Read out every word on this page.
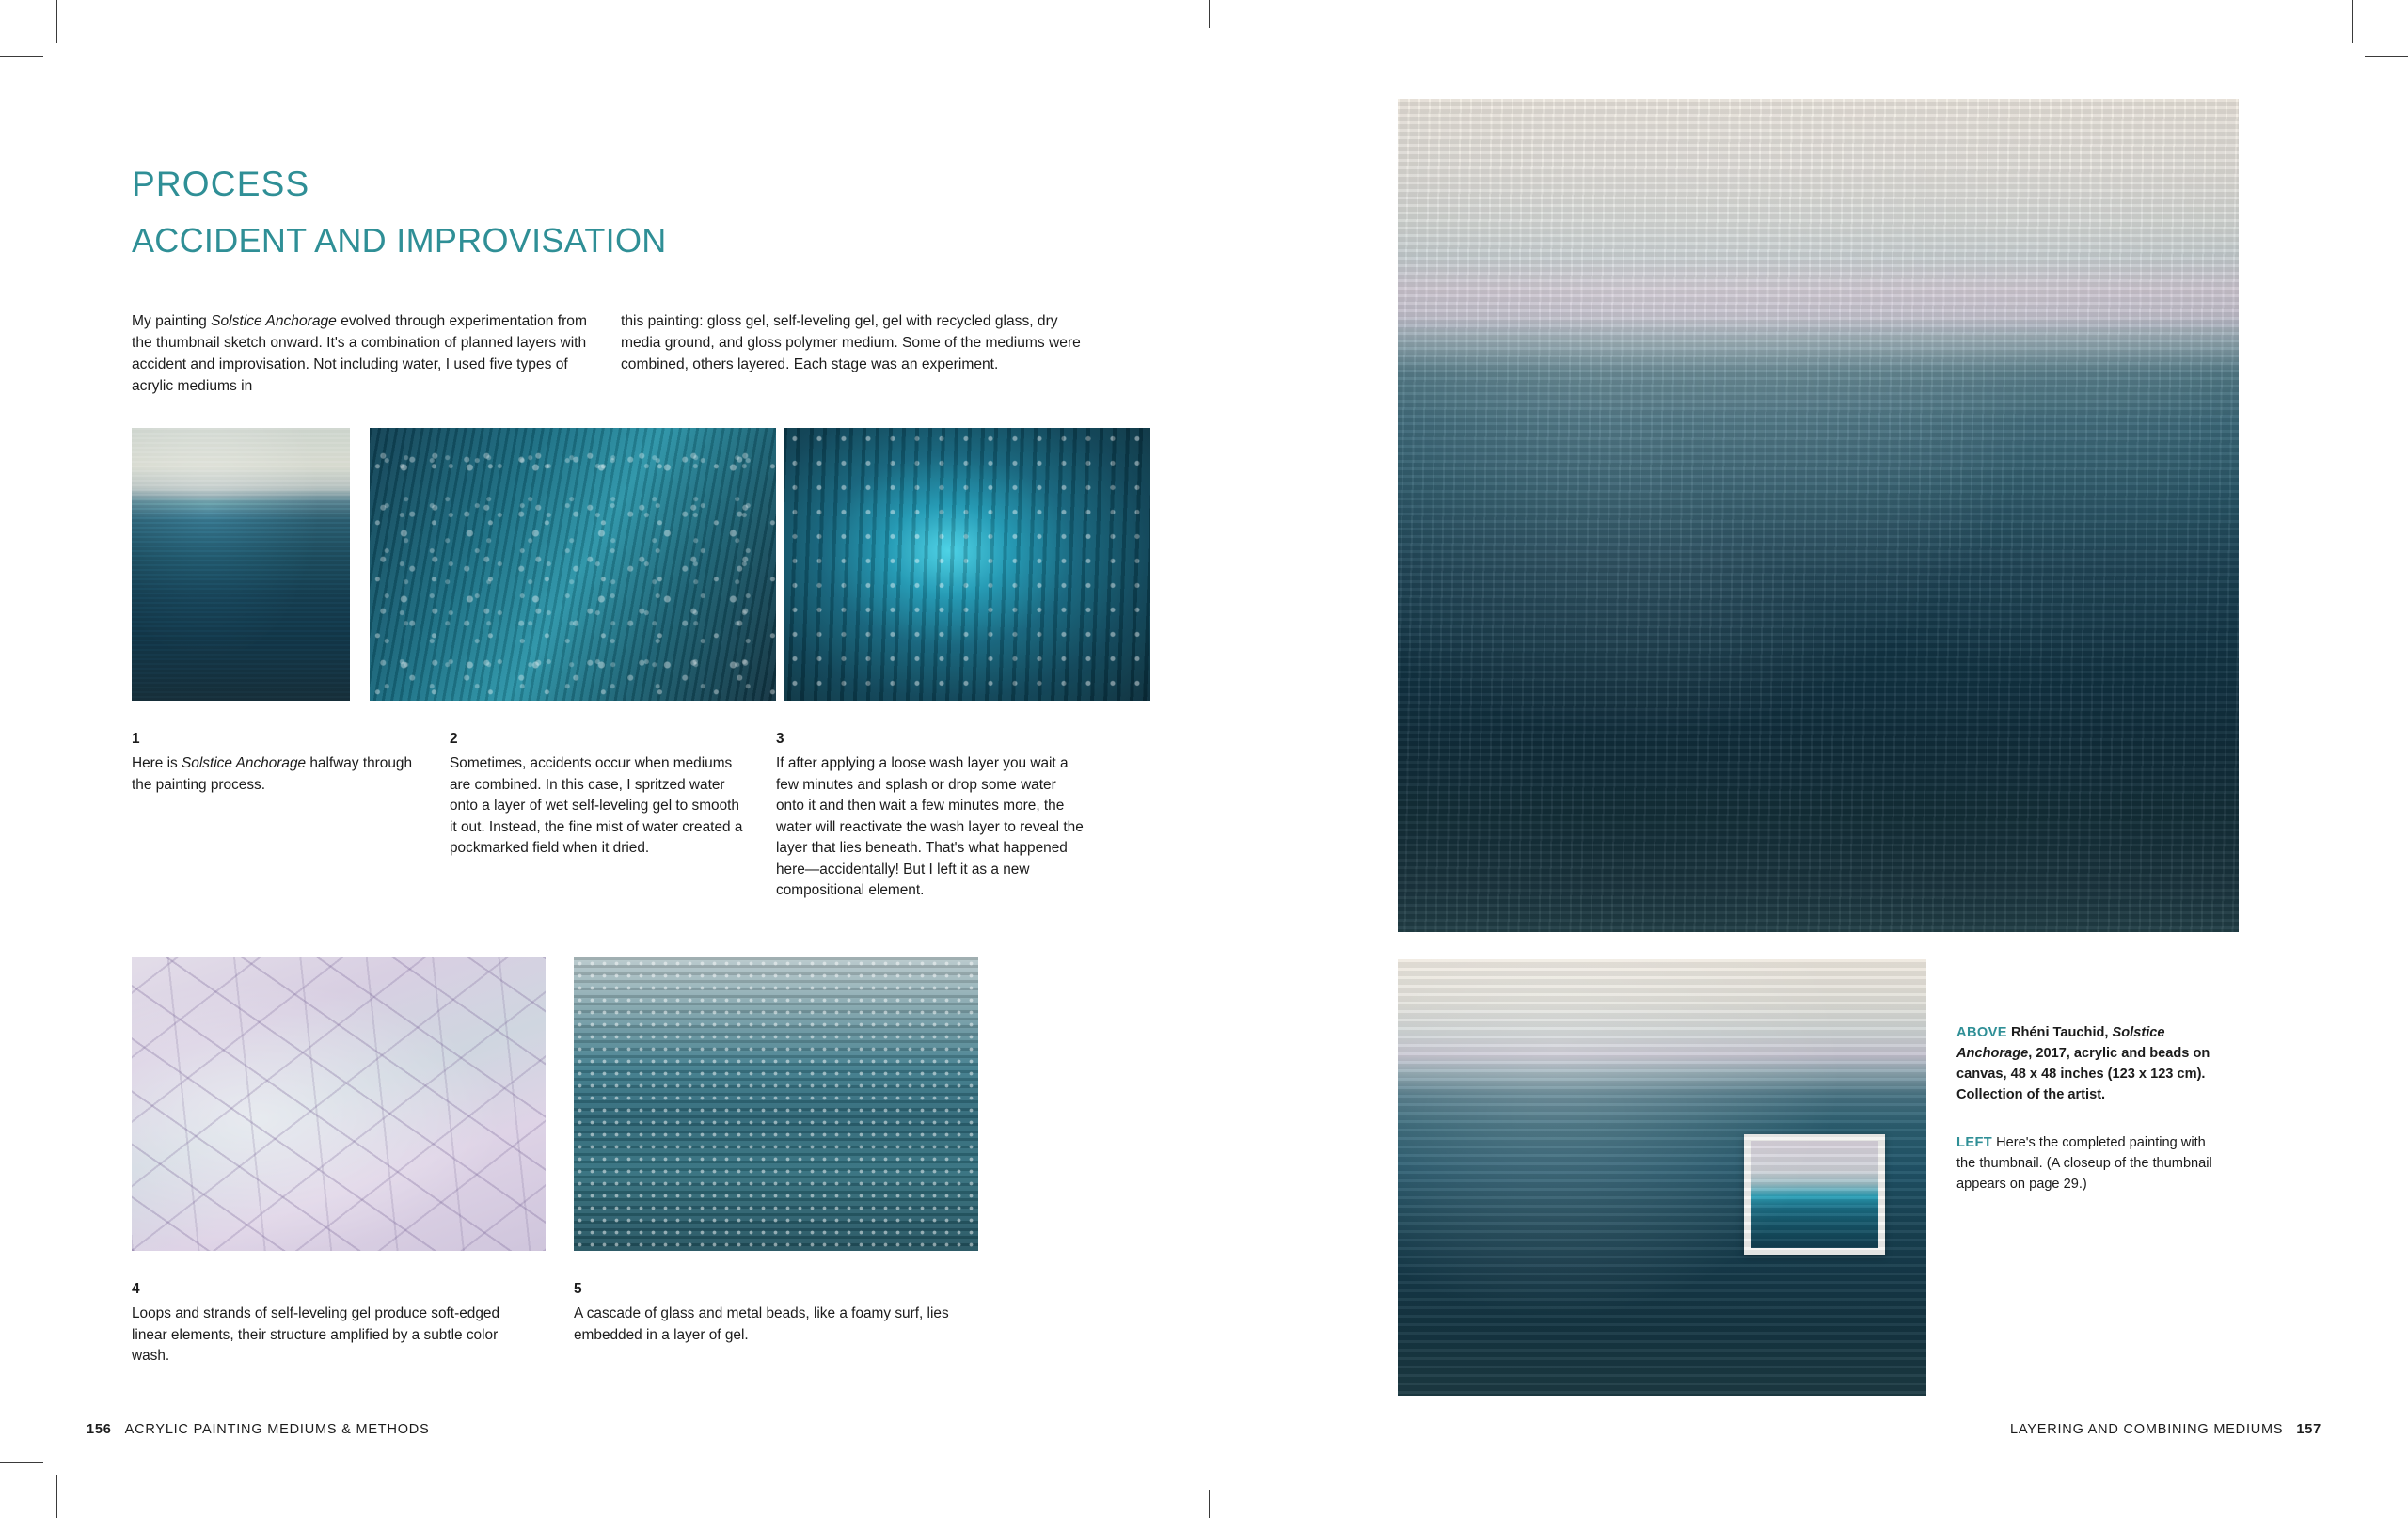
PROCESS
ACCIDENT AND IMPROVISATION

My painting Solstice Anchorage evolved through experimentation from the thumbnail sketch onward. It's a combination of planned layers with accident and improvisation. Not including water, I used five types of acrylic mediums in

this painting: gloss gel, self-leveling gel, gel with recycled glass, dry media ground, and gloss polymer medium. Some of the mediums were combined, others layered. Each stage was an experiment.

1
Here is Solstice Anchorage halfway through the painting process.
2
Sometimes, accidents occur when mediums are combined. In this case, I spritzed water onto a layer of wet self-leveling gel to smooth it out. Instead, the fine mist of water created a pockmarked field when it dried.
3
If after applying a loose wash layer you wait a few minutes and splash or drop some water onto it and then wait a few minutes more, the water will reactivate the wash layer to reveal the layer that lies beneath. That's what happened here—accidentally! But I left it as a new compositional element.
4
Loops and strands of self-leveling gel produce soft-edged linear elements, their structure amplified by a subtle color wash.
5
A cascade of glass and metal beads, like a foamy surf, lies embedded in a layer of gel.
156 ACRYLIC PAINTING MEDIUMS & METHODS
ABOVE Rhéni Tauchid, Solstice Anchorage, 2017, acrylic and beads on canvas, 48 x 48 inches (123 x 123 cm). Collection of the artist.
LEFT Here's the completed painting with the thumbnail. (A closeup of the thumbnail appears on page 29.)
LAYERING AND COMBINING MEDIUMS 157
